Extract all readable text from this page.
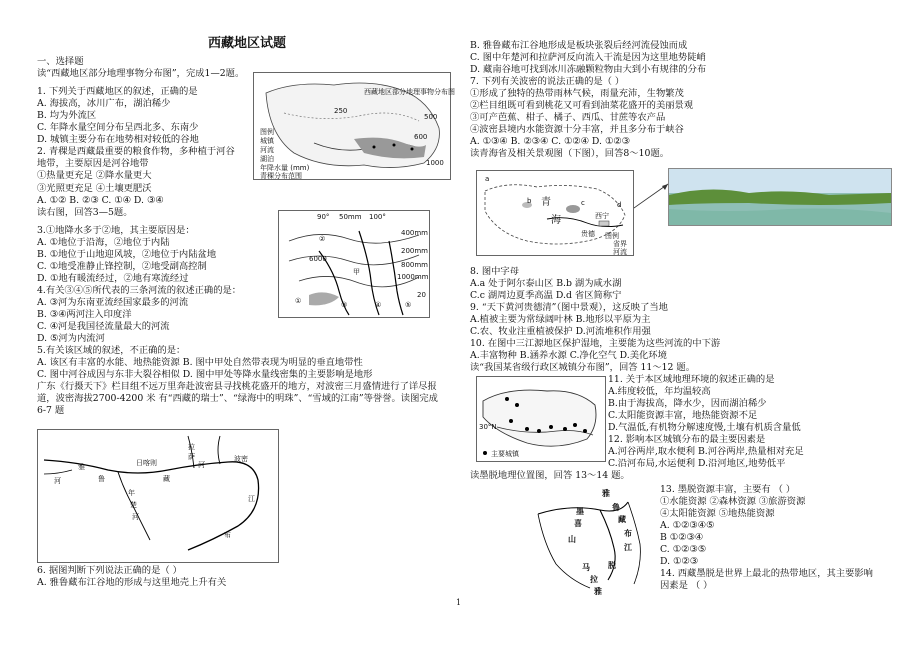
西藏地区试题
一、选择题
读“西藏地区部分地理事物分布图”，完成1—2题。
1. 下列关于西藏地区的叙述，正确的是
A. 海拔高，冰川广布，湖泊稀少
B. 均为外流区
C. 年降水量空间分布呈西北多、东南少
D. 城镇主要分布在地势相对较低的谷地
2. 青稞是西藏最重要的粮食作物，多种植于河谷
地带，主要原因是河谷地带
①热量更充足 ②降水量更大
③光照更充足 ④土壤更肥沃
A. ①② B. ②③ C. ①④ D. ③④
读右图，回答3—5题。
3.①地降水多于②地，其主要原因是：
A. ①地位于沿海，②地位于内陆
B. ①地位于山地迎风坡，②地位于内陆盆地
C. ①地受准静止锋控制，②地受副高控制
D. ①地有暖流经过，②地有寒流经过
4.有关③④⑤所代表的三条河流的叙述正确的是：
A. ③河为东南亚流经国家最多的河流
B. ③④两河注入印度洋
C. ④河是我国径流量最大的河流
D. ⑤河为内流河
5.有关该区域的叙述，不正确的是：
A. 该区有丰富的水能、地热能资源 B. 图中甲处自然带表现为明显的垂直地带性
C. 图中河谷成因与东非大裂谷相似 D. 图中甲处等降水量线密集的主要影响是地形
广东《行摄天下》栏目组不远万里奔赴波密县寻找桃花盛开的地方，对波密三月盛情进行了详尽报
道，波密海拔2700-4200 米 有“西藏的瑞士”、“绿海中的明珠”、“雪域的江南”等誉誉。读图完成
6-7 题
西藏地区部分地理事物分布图
图例
城镇
河流
湖泊
年降水量 (mm)
青稞分布范围
500
250
1000
600
90° 50mm 100°
400mm
200mm
800mm
1000mm
甲
①
②
③	④	⑤
6000
20
拉
萨
河
年
楚
河
日喀则	波密
江
雅
鲁	藏
布
河
6. 据图判断下列说法正确的是（ ）
A. 雅鲁藏布江谷地的形成与这里地壳上升有关
B. 雅鲁藏布江谷地形成是板块张裂后经河流侵蚀而成
C. 图中年楚河和拉萨河反向流入干流是因为这里地势陡峭
D. 藏南谷地可找到冰川冻融颗粒物由大到小有规律的分布
7. 下列有关波密的说法正确的是（ ）
①形成了独特的热带雨林气候，雨量充沛，生物繁茂
②栏目组既可看到桃花又可看到油菜花盛开的美丽景观
③可产芭蕉、柑子、橘子、西瓜、甘蔗等农产品
④波密县境内水能资源十分丰富，并且多分布于峡谷
A. ①③④ B. ②③④ C. ①②④ D. ①②③
读青海省及相关景观图（下图），回答8～10题。
青
海
a
b	c	d
西宁
贵德 图例
省界
河流
8. 图中字母
A.a 处于阿尔泰山区 B.b 湖为咸水湖
C.c 湖周边夏季高温 D.d 省区简称宁
9. “天下黄河贵德清”（图中景观），这反映了当地
A.植被主要为常绿阔叶林 B.地形以平原为主
C.农、牧业注重植被保护 D.河流堆积作用强
10. 在图中三江源地区保护湿地，主要能为这些河流的中下游
A.丰富物种 B.涵养水源 C.净化空气 D.美化环境
读“我国某省级行政区城镇分布图”，回答 11～12 题。
30°N
主要城镇
11. 关于本区域地理环境的叙述正确的是
A.纬度较低，年均温较高
B.由于海拔高，降水少，因而湖泊稀少
C.太阳能资源丰富，地热能资源不足
D.气温低,有机物分解速度慢,土壤有机质含量低
12. 影响本区城镇分布的最主要因素是
A.河谷两岸,取水便利 B.河谷两岸,热量相对充足
C.沿河布局,水运便利 D.沿河地区,地势低平
读墨脱地理位置图，回答 13～14 题。
雅
鲁
藏
布
江
墨
脱
喜
马
拉
雅
山
13. 墨脱资源丰富，主要有 （ ）
①水能资源 ②森林资源 ③旅游资源
④太阳能资源 ⑤地热能资源
A. ①②③④⑤
B ①②③④
C. ①②③⑤
D. ①②③
14. 西藏墨脱是世界上最北的热带地区，其主要影响
因素是 （ ）
1
